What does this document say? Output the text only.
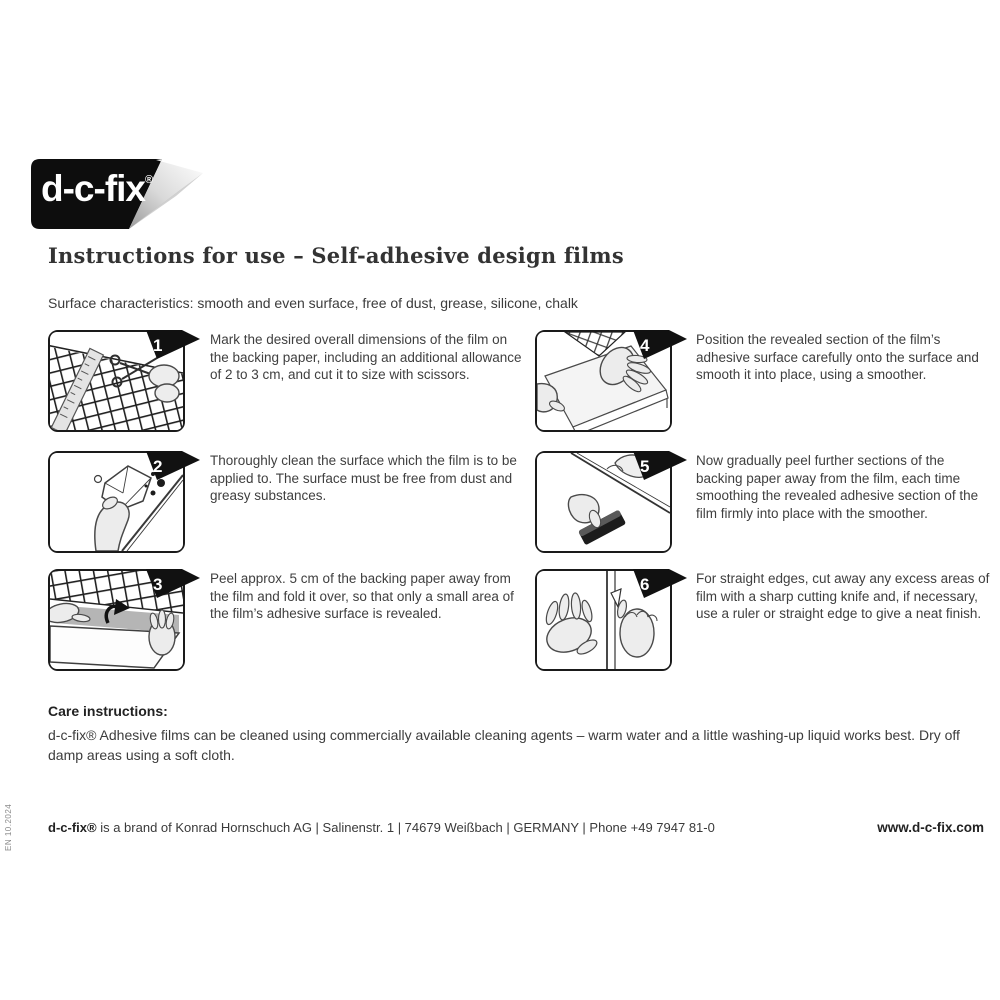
d-c-fix®
Instructions for use – Self-adhesive design films
Surface characteristics: smooth and even surface, free of dust, grease, silicone, chalk
1	Mark the desired overall dimensions of the film on the backing paper, including an additional allowance of 2 to 3 cm, and cut it to size with scissors.
2	Thoroughly clean the surface which the film is to be applied to. The surface must be free from dust and greasy substances.
3	Peel approx. 5 cm of the backing paper away from the film and fold it over, so that only a small area of the film’s adhesive surface is revealed.
4	Position the revealed section of the film’s adhesive surface carefully onto the surface and smooth it into place, using a smoother.
5	Now gradually peel further sections of the backing paper away from the film, each time smoothing the revealed adhesive section of the film firmly into place with the smoother.
6	For straight edges, cut away any excess areas of film with a sharp cutting knife and, if necessary, use a ruler or straight edge to give a neat finish.
Care instructions:
d-c-fix® Adhesive films can be cleaned using commercially available cleaning agents – warm water and a little washing-up liquid works best. Dry off damp areas using a soft cloth.
d-c-fix® is a brand of Konrad Hornschuch AG | Salinenstr. 1 | 74679 Weißbach | GERMANY | Phone +49 7947 81-0	www.d-c-fix.com
EN 10.2024
